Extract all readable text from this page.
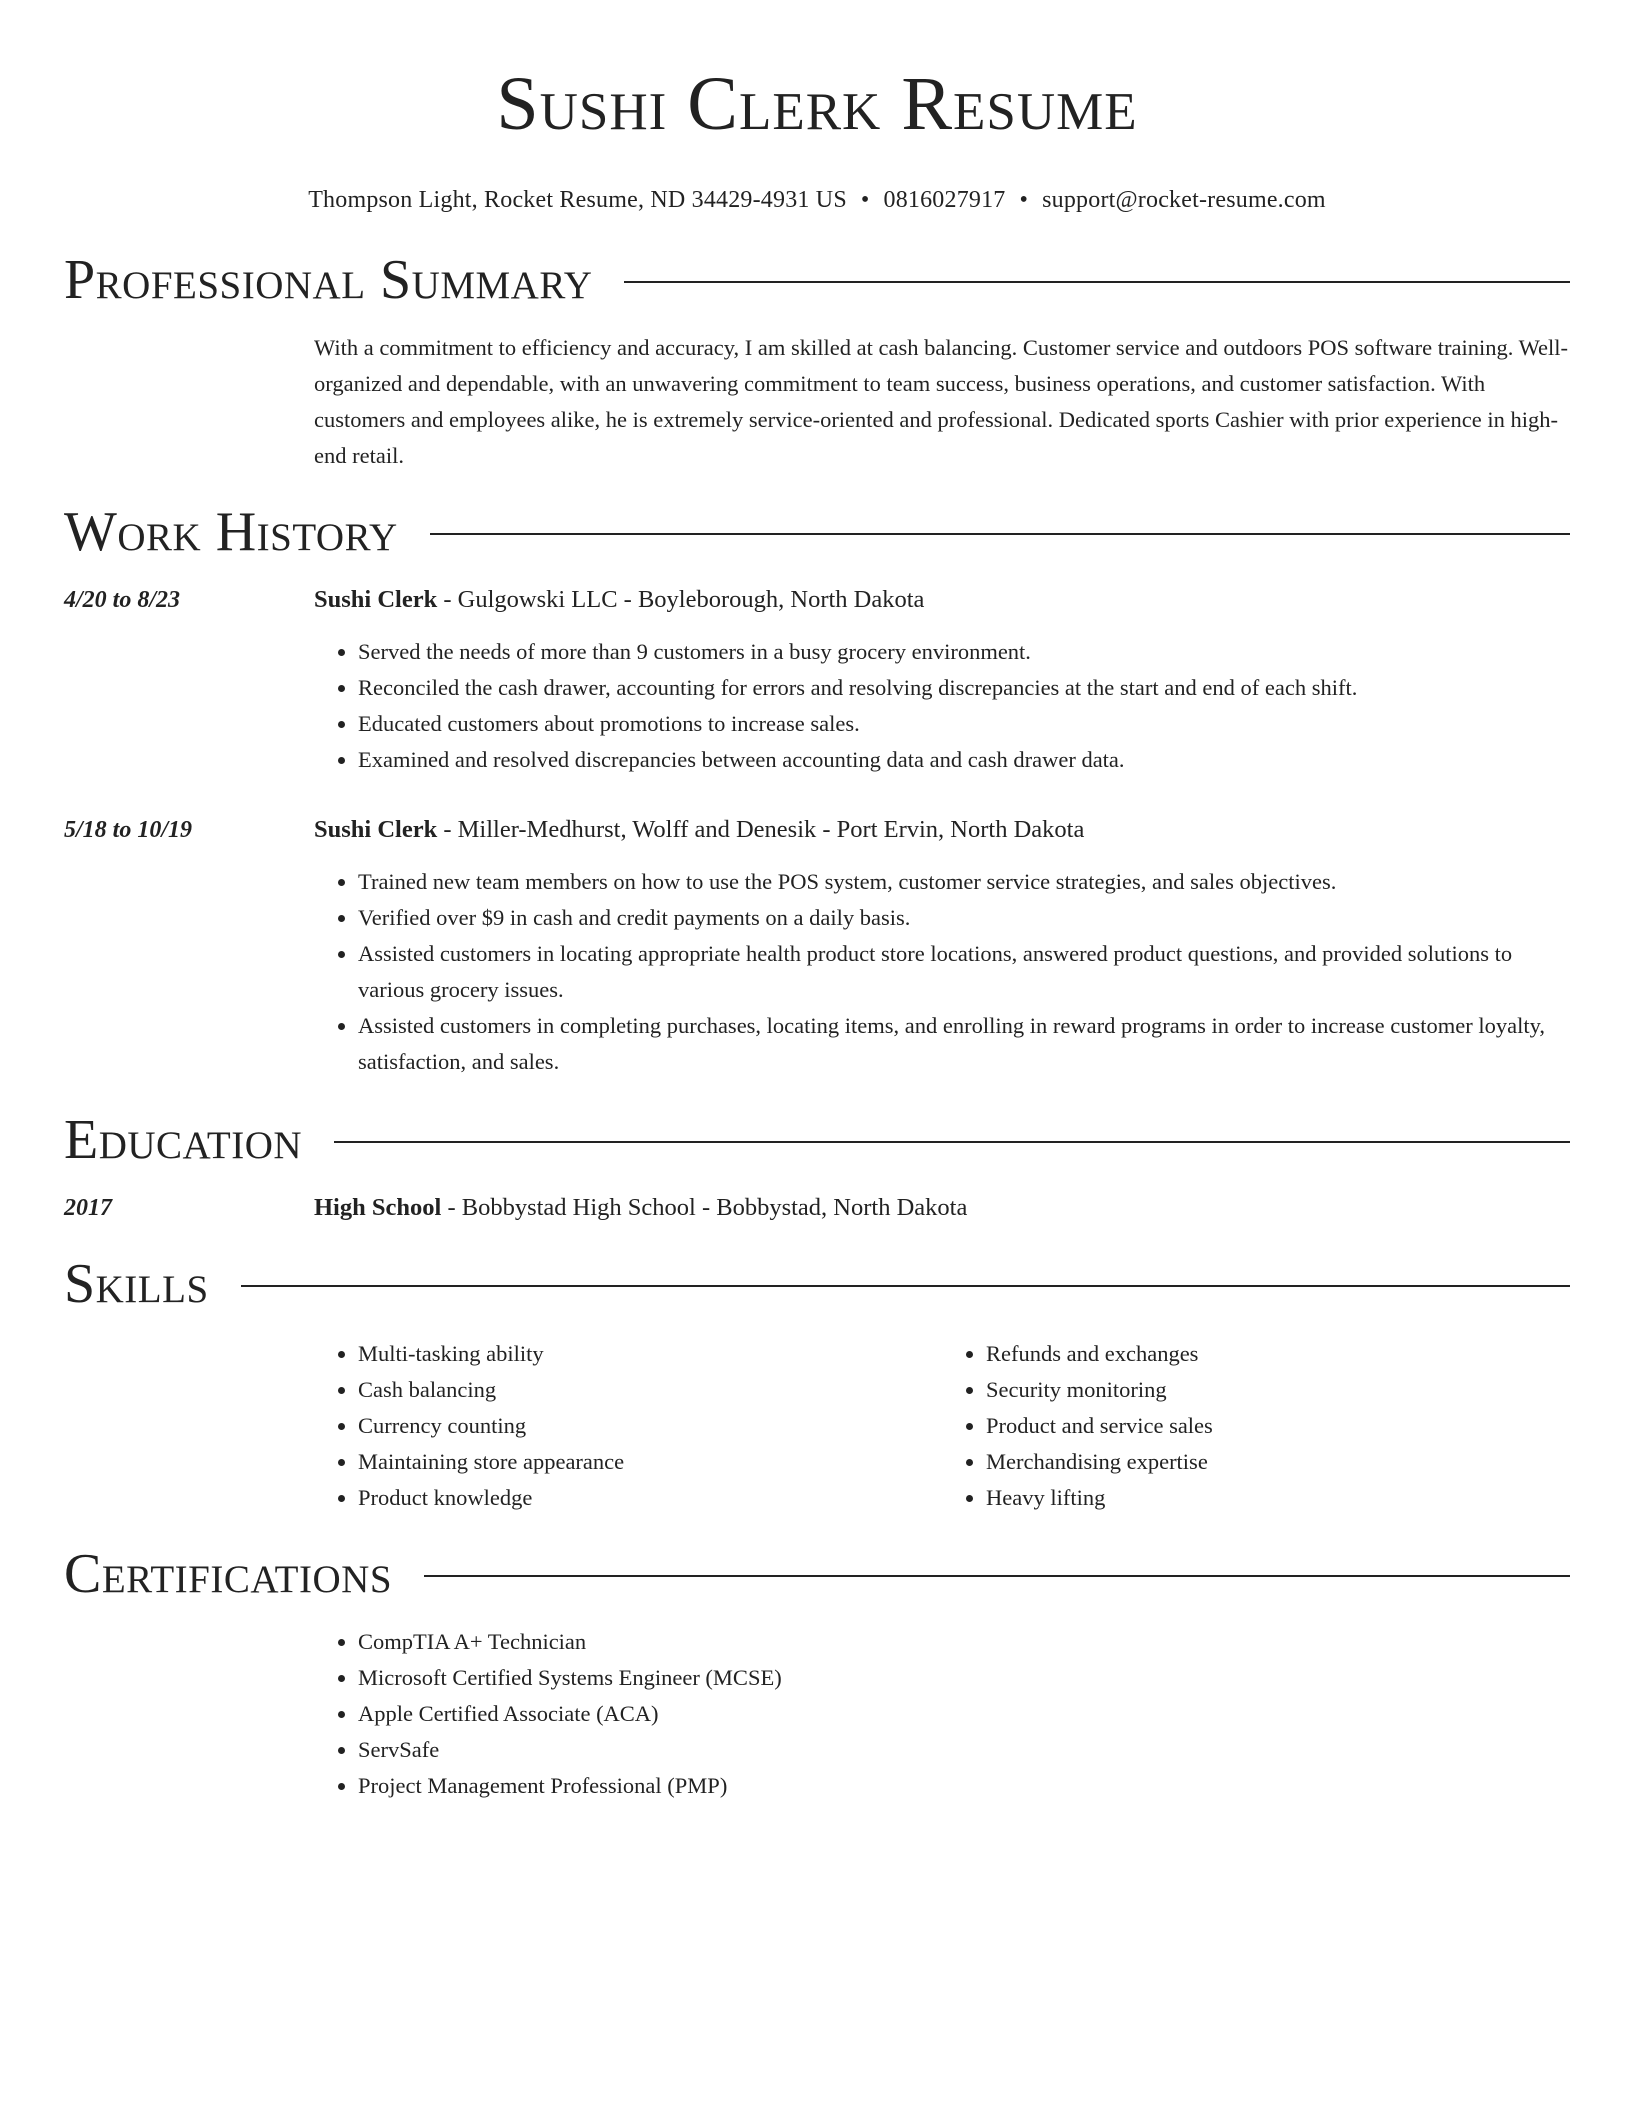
Sushi Clerk Resume
Thompson Light, Rocket Resume, ND 34429-4931 US • 0816027917 • support@rocket-resume.com
Professional Summary
With a commitment to efficiency and accuracy, I am skilled at cash balancing. Customer service and outdoors POS software training. Well-organized and dependable, with an unwavering commitment to team success, business operations, and customer satisfaction. With customers and employees alike, he is extremely service-oriented and professional. Dedicated sports Cashier with prior experience in high-end retail.
Work History
4/20 to 8/23	Sushi Clerk - Gulgowski LLC - Boyleborough, North Dakota
• Served the needs of more than 9 customers in a busy grocery environment.
• Reconciled the cash drawer, accounting for errors and resolving discrepancies at the start and end of each shift.
• Educated customers about promotions to increase sales.
• Examined and resolved discrepancies between accounting data and cash drawer data.
5/18 to 10/19	Sushi Clerk - Miller-Medhurst, Wolff and Denesik - Port Ervin, North Dakota
• Trained new team members on how to use the POS system, customer service strategies, and sales objectives.
• Verified over $9 in cash and credit payments on a daily basis.
• Assisted customers in locating appropriate health product store locations, answered product questions, and provided solutions to various grocery issues.
• Assisted customers in completing purchases, locating items, and enrolling in reward programs in order to increase customer loyalty, satisfaction, and sales.
Education
2017	High School - Bobbystad High School - Bobbystad, North Dakota
Skills
• Multi-tasking ability
• Cash balancing
• Currency counting
• Maintaining store appearance
• Product knowledge
• Refunds and exchanges
• Security monitoring
• Product and service sales
• Merchandising expertise
• Heavy lifting
Certifications
• CompTIA A+ Technician
• Microsoft Certified Systems Engineer (MCSE)
• Apple Certified Associate (ACA)
• ServSafe
• Project Management Professional (PMP)
